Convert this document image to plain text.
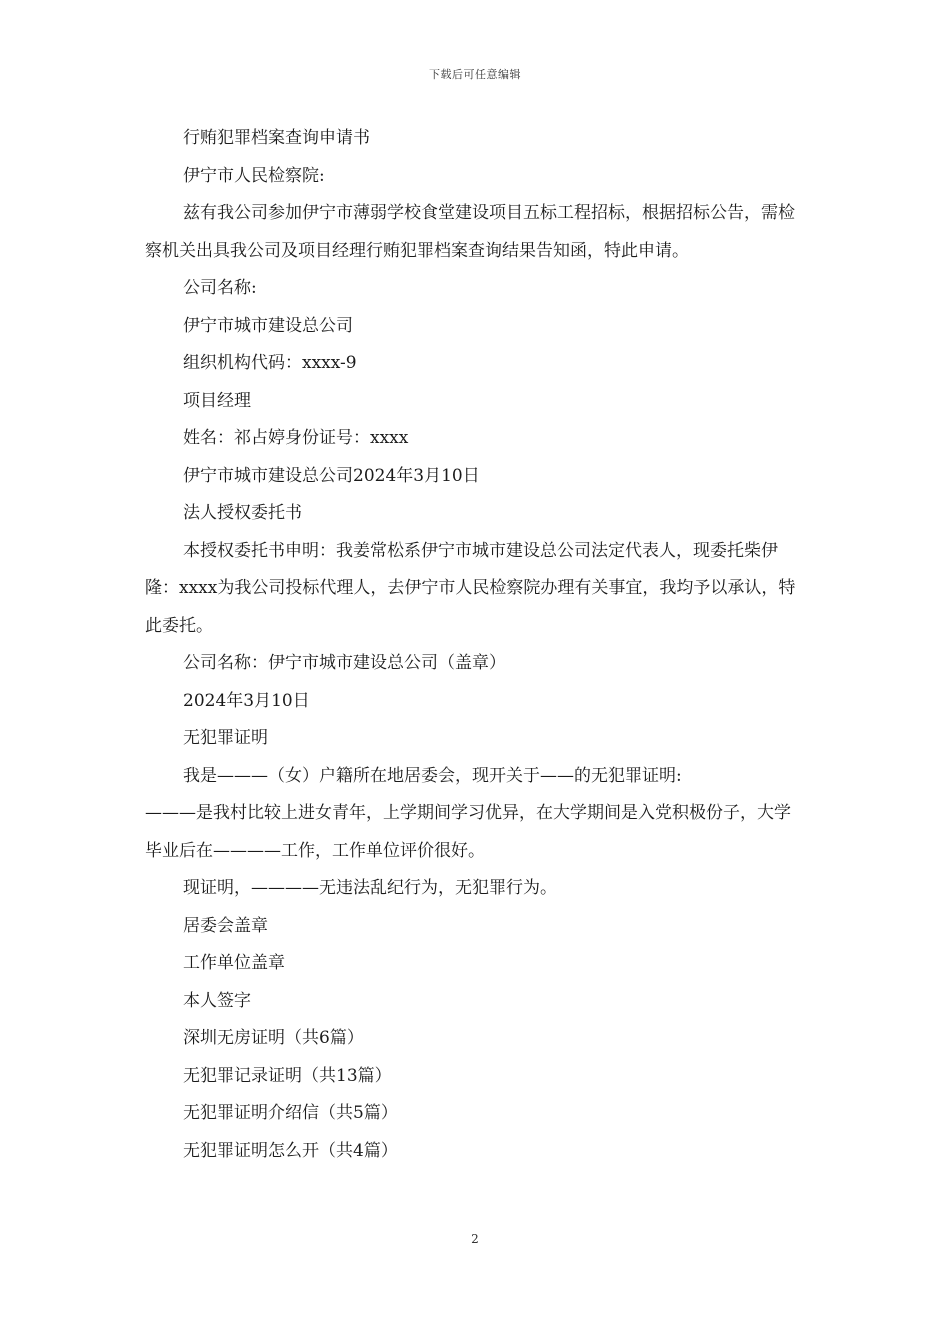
下载后可任意编辑

行贿犯罪档案查询申请书

伊宁市人民检察院:

兹有我公司参加伊宁市薄弱学校食堂建设项目五标工程招标，根据招标公告，需检察机关出具我公司及项目经理行贿犯罪档案查询结果告知函，特此申请。

公司名称:

伊宁市城市建设总公司

组织机构代码：xxxx-9

项目经理

姓名：祁占婷身份证号：xxxx

伊宁市城市建设总公司2024年3月10日

法人授权委托书

本授权委托书申明：我姜常松系伊宁市城市建设总公司法定代表人，现委托柴伊隆：xxxx为我公司投标代理人，去伊宁市人民检察院办理有关事宜，我均予以承认，特此委托。

公司名称：伊宁市城市建设总公司（盖章）

2024年3月10日

无犯罪证明

我是———（女）户籍所在地居委会，现开关于——的无犯罪证明:

———是我村比较上进女青年，上学期间学习优异，在大学期间是入党积极份子，大学毕业后在————工作，工作单位评价很好。

现证明，————无违法乱纪行为，无犯罪行为。

居委会盖章

工作单位盖章

本人签字

深圳无房证明（共6篇）

无犯罪记录证明（共13篇）

无犯罪证明介绍信（共5篇）

无犯罪证明怎么开（共4篇）

2
